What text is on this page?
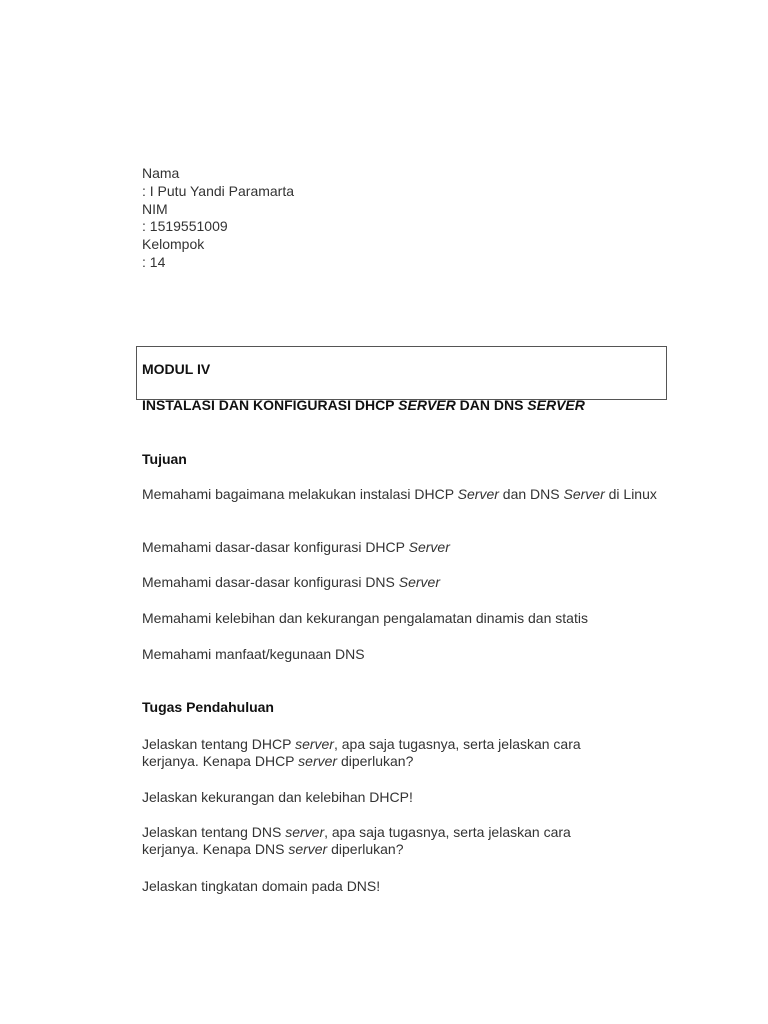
Nama
: I Putu Yandi Paramarta
NIM
: 1519551009
Kelompok
: 14
MODUL IV
INSTALASI DAN KONFIGURASI DHCP SERVER DAN DNS SERVER
Tujuan
Memahami bagaimana melakukan instalasi DHCP Server dan DNS Server di Linux
Memahami dasar-dasar konfigurasi DHCP Server
Memahami dasar-dasar konfigurasi DNS Server
Memahami kelebihan dan kekurangan pengalamatan dinamis dan statis
Memahami manfaat/kegunaan DNS
Tugas Pendahuluan
Jelaskan tentang DHCP server, apa saja tugasnya, serta jelaskan cara kerjanya. Kenapa DHCP server diperlukan?
Jelaskan kekurangan dan kelebihan DHCP!
Jelaskan tentang DNS server, apa saja tugasnya, serta jelaskan cara kerjanya. Kenapa DNS server diperlukan?
Jelaskan tingkatan domain pada DNS!
